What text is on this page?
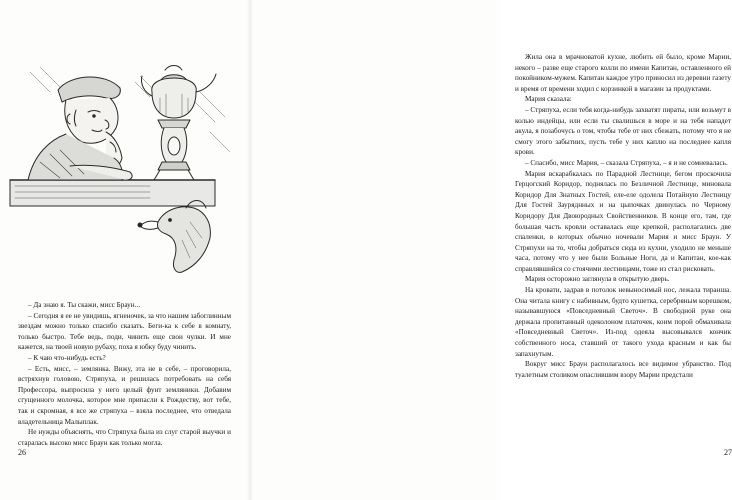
– Да знаю я. Ты скажи, мисс Браун...

– Сегодня я ее не увидишь, ягненочек, за что нашим забоглинным звездам можно только спасибо сказать. Беги-ка к себе в комнату, только быстро. Тебе ведь, поди, чинить еще свои чулки. И мне кажется, на твоей новую рубаху, поха я юбку буду чинить.

– К чаю что-нибудь есть?

– Есть, мисс, – землянка. Вижу, эта не в себе, – проговорила, встряхнув головою, Стряпуха, и решилась потребовать на себя Профессора, выпросила у него целый фунт земляники. Добавим сгущенного молочка, которое мне припасли к Рождеству, вот тебе, так и скромная, я все же стряпуха – взяла последнее, что отведала владетельница Малыплак.

Не нужды объяснять, что Стряпуха была из слуг старой выучки и старалась высоко мисс Браун как только могла.

26

Жила она в мрачноватой кухне, любить ей было, кроме Марии, некого – разве еще старого колли по имени Капитан, оставленного ей покойником-мужем. Капитан каждое утро приносил из деревни газету и время от времени ходил с корзинкой в магазин за продуктами.

Мария сказала:

– Стряпуха, если тебя когда-нибудь захватят пираты, или возьмут в колью индейцы, или если ты свалишься в море и на тебя нападет акула, я позабочусь о том, чтобы тебе от них сбежать, потому что я не смогу этого забытиих, пусть тебе у них каплю на последнее капля крови.

– Спасибо, мисс Мария, – сказала Стряпуха, – я и не сомневалась.

Мария вскарабкалась по Парадной Лестнице, бегом проскочила Герцогский Коридор, поднялась по Безличной Лестнице, миновала Коридор Для Знатных Гостей, еле-еле одолела Потайную Лестницу Для Гостей Зауряднных и на цыпочках двинулась по Черному Коридору Для Двоюродных Свойственников. В конце его, там, где большая часть кровли оставалась еще крепкой, располагались две спаленки, в которых обычно ночевали Мария и мисс Браун. У Стряпухи на то, чтобы добраться сюда из кухни, уходило не меньше часа, потому что у нее были Больные Ноги, да и Капитан, кое-как справлявшийся со стоячими лестницами, тоже из стал рисковать.

Мария осторожно заглянула в открытую дверь.

На кровати, задрав в потолок невыносимый нос, лежала тиранша. Она читала книгу с набивным, будто кушетка, серебряным корешком, называвшуюся «Повседневный Светоч». В свободной руке она держала пропитанный одеколоном платочек, коим порой обмахивала «Повседневный Светоч». Из-под одеяла высовывался кончик собственного носа, ставший от такого ухода красным и как бы запахнутым.

Вокруг мисс Браун располагалось все видимое убранство. Под туалетным столиком опаслившим взору Марии предстали

27
